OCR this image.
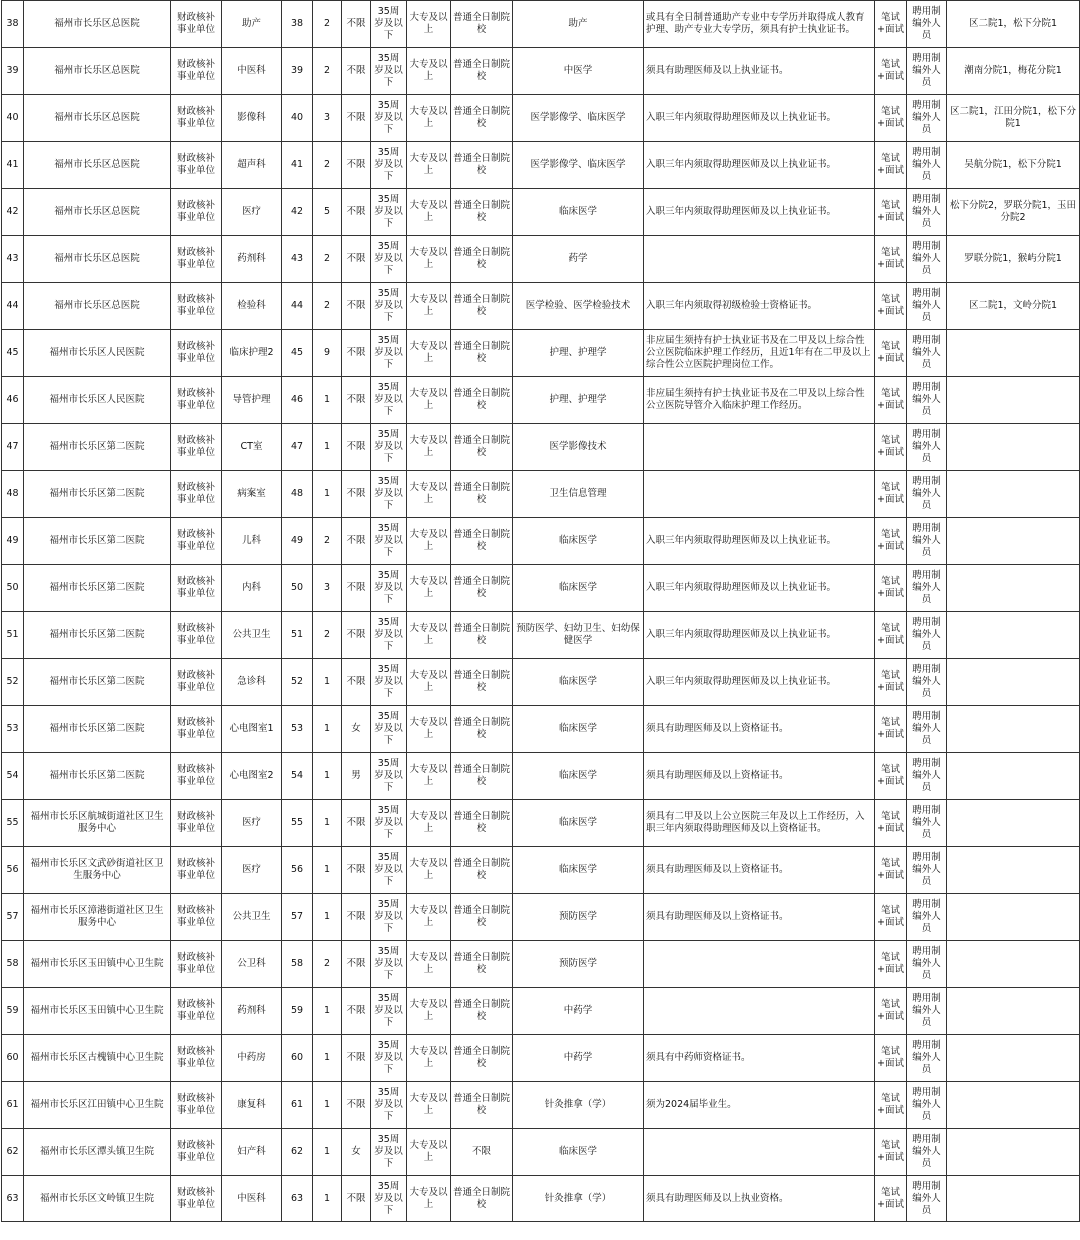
38	福州市长乐区总医院	财政核补事业单位	助产	38	2	不限	35周岁及以下	大专及以上	普通全日制院校	助产	或具有全日制普通助产专业中专学历并取得成人教育护理、助产专业大专学历，须具有护士执业证书。	笔试+面试	聘用制编外人员	区二院1，松下分院1
39	福州市长乐区总医院	财政核补事业单位	中医科	39	2	不限	35周岁及以下	大专及以上	普通全日制院校	中医学	须具有助理医师及以上执业证书。	笔试+面试	聘用制编外人员	潮南分院1，梅花分院1
40	福州市长乐区总医院	财政核补事业单位	影像科	40	3	不限	35周岁及以下	大专及以上	普通全日制院校	医学影像学、临床医学	入职三年内须取得助理医师及以上执业证书。	笔试+面试	聘用制编外人员	区二院1，江田分院1，松下分院1
41	福州市长乐区总医院	财政核补事业单位	超声科	41	2	不限	35周岁及以下	大专及以上	普通全日制院校	医学影像学、临床医学	入职三年内须取得助理医师及以上执业证书。	笔试+面试	聘用制编外人员	吴航分院1，松下分院1
42	福州市长乐区总医院	财政核补事业单位	医疗	42	5	不限	35周岁及以下	大专及以上	普通全日制院校	临床医学	入职三年内须取得助理医师及以上执业证书。	笔试+面试	聘用制编外人员	松下分院2，罗联分院1，玉田分院2
43	福州市长乐区总医院	财政核补事业单位	药剂科	43	2	不限	35周岁及以下	大专及以上	普通全日制院校	药学		笔试+面试	聘用制编外人员	罗联分院1，猴屿分院1
44	福州市长乐区总医院	财政核补事业单位	检验科	44	2	不限	35周岁及以下	大专及以上	普通全日制院校	医学检验、医学检验技术	入职三年内须取得初级检验士资格证书。	笔试+面试	聘用制编外人员	区二院1，文岭分院1
45	福州市长乐区人民医院	财政核补事业单位	临床护理2	45	9	不限	35周岁及以下	大专及以上	普通全日制院校	护理、护理学	非应届生须持有护士执业证书及在二甲及以上综合性公立医院临床护理工作经历，且近1年有在二甲及以上综合性公立医院护理岗位工作。	笔试+面试	聘用制编外人员	
46	福州市长乐区人民医院	财政核补事业单位	导管护理	46	1	不限	35周岁及以下	大专及以上	普通全日制院校	护理、护理学	非应届生须持有护士执业证书及在二甲及以上综合性公立医院导管介入临床护理工作经历。	笔试+面试	聘用制编外人员	
47	福州市长乐区第二医院	财政核补事业单位	CT室	47	1	不限	35周岁及以下	大专及以上	普通全日制院校	医学影像技术		笔试+面试	聘用制编外人员	
48	福州市长乐区第二医院	财政核补事业单位	病案室	48	1	不限	35周岁及以下	大专及以上	普通全日制院校	卫生信息管理		笔试+面试	聘用制编外人员	
49	福州市长乐区第二医院	财政核补事业单位	儿科	49	2	不限	35周岁及以下	大专及以上	普通全日制院校	临床医学	入职三年内须取得助理医师及以上执业证书。	笔试+面试	聘用制编外人员	
50	福州市长乐区第二医院	财政核补事业单位	内科	50	3	不限	35周岁及以下	大专及以上	普通全日制院校	临床医学	入职三年内须取得助理医师及以上执业证书。	笔试+面试	聘用制编外人员	
51	福州市长乐区第二医院	财政核补事业单位	公共卫生	51	2	不限	35周岁及以下	大专及以上	普通全日制院校	预防医学、妇幼卫生、妇幼保健医学	入职三年内须取得助理医师及以上执业证书。	笔试+面试	聘用制编外人员	
52	福州市长乐区第二医院	财政核补事业单位	急诊科	52	1	不限	35周岁及以下	大专及以上	普通全日制院校	临床医学	入职三年内须取得助理医师及以上执业证书。	笔试+面试	聘用制编外人员	
53	福州市长乐区第二医院	财政核补事业单位	心电图室1	53	1	女	35周岁及以下	大专及以上	普通全日制院校	临床医学	须具有助理医师及以上资格证书。	笔试+面试	聘用制编外人员	
54	福州市长乐区第二医院	财政核补事业单位	心电图室2	54	1	男	35周岁及以下	大专及以上	普通全日制院校	临床医学	须具有助理医师及以上资格证书。	笔试+面试	聘用制编外人员	
55	福州市长乐区航城街道社区卫生服务中心	财政核补事业单位	医疗	55	1	不限	35周岁及以下	大专及以上	普通全日制院校	临床医学	须具有二甲及以上公立医院三年及以上工作经历，入职三年内须取得助理医师及以上资格证书。	笔试+面试	聘用制编外人员	
56	福州市长乐区文武砂街道社区卫生服务中心	财政核补事业单位	医疗	56	1	不限	35周岁及以下	大专及以上	普通全日制院校	临床医学	须具有助理医师及以上资格证书。	笔试+面试	聘用制编外人员	
57	福州市长乐区漳港街道社区卫生服务中心	财政核补事业单位	公共卫生	57	1	不限	35周岁及以下	大专及以上	普通全日制院校	预防医学	须具有助理医师及以上资格证书。	笔试+面试	聘用制编外人员	
58	福州市长乐区玉田镇中心卫生院	财政核补事业单位	公卫科	58	2	不限	35周岁及以下	大专及以上	普通全日制院校	预防医学		笔试+面试	聘用制编外人员	
59	福州市长乐区玉田镇中心卫生院	财政核补事业单位	药剂科	59	1	不限	35周岁及以下	大专及以上	普通全日制院校	中药学		笔试+面试	聘用制编外人员	
60	福州市长乐区古槐镇中心卫生院	财政核补事业单位	中药房	60	1	不限	35周岁及以下	大专及以上	普通全日制院校	中药学	须具有中药师资格证书。	笔试+面试	聘用制编外人员	
61	福州市长乐区江田镇中心卫生院	财政核补事业单位	康复科	61	1	不限	35周岁及以下	大专及以上	普通全日制院校	针灸推拿（学）	须为2024届毕业生。	笔试+面试	聘用制编外人员	
62	福州市长乐区潭头镇卫生院	财政核补事业单位	妇产科	62	1	女	35周岁及以下	大专及以上	不限	临床医学		笔试+面试	聘用制编外人员	
63	福州市长乐区文岭镇卫生院	财政核补事业单位	中医科	63	1	不限	35周岁及以下	大专及以上	普通全日制院校	针灸推拿（学）	须具有助理医师及以上执业资格。	笔试+面试	聘用制编外人员	
